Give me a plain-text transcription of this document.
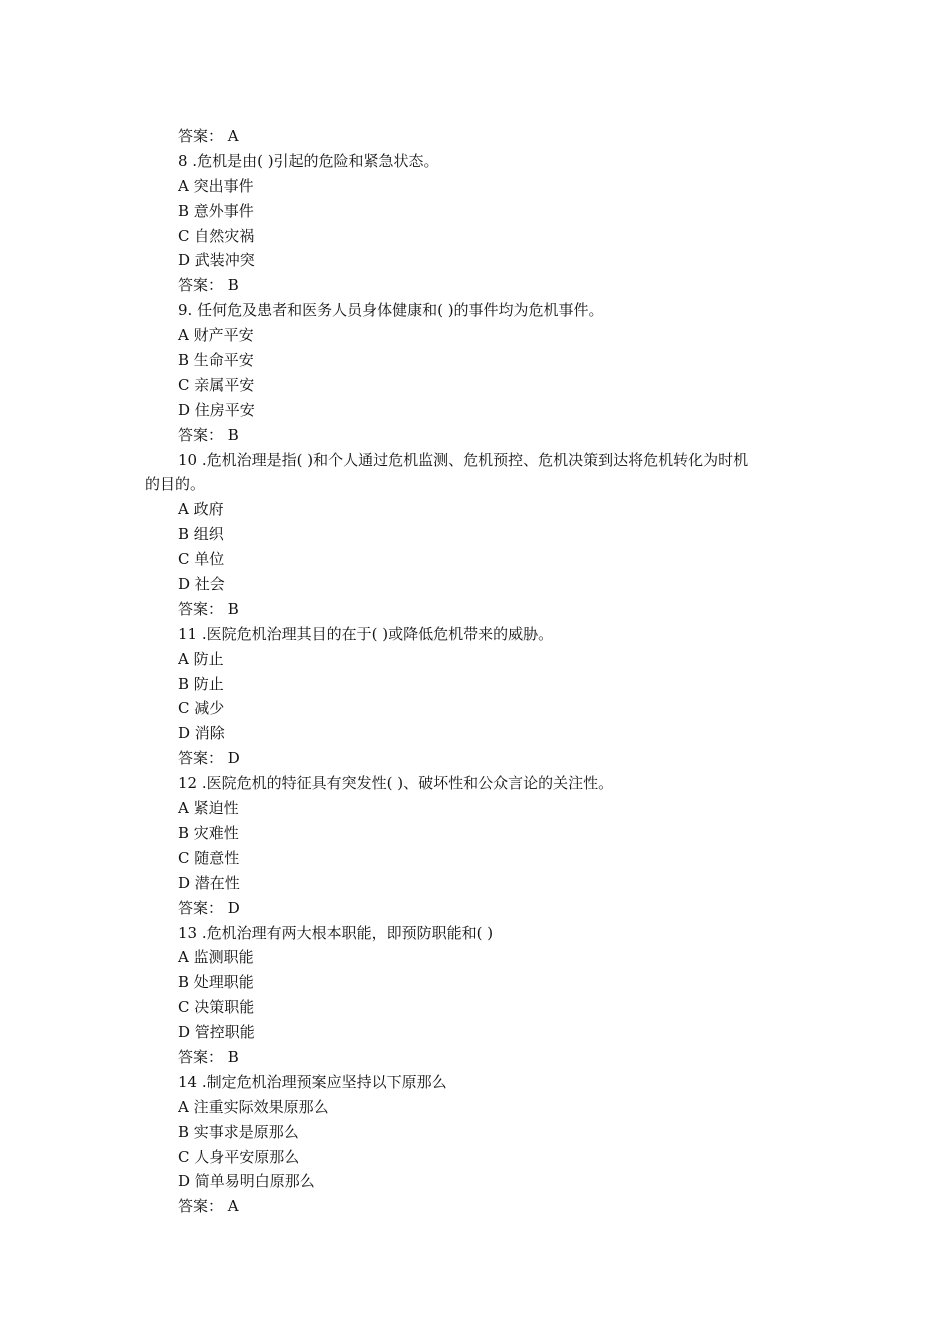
答案： A
8 .危机是由( )引起的危险和紧急状态。
A 突出事件
B 意外事件
C 自然灾祸
D 武装冲突
答案： B
9. 任何危及患者和医务人员身体健康和( )的事件均为危机事件。
A 财产平安
B 生命平安
C 亲属平安
D 住房平安
答案： B
10 .危机治理是指( )和个人通过危机监测、危机预控、危机决策到达将危机转化为时机
的目的。
A 政府
B 组织
C 单位
D 社会
答案： B
11 .医院危机治理其目的在于( )或降低危机带来的威胁。
A 防止
B 防止
C 减少
D 消除
答案： D
12 .医院危机的特征具有突发性( )、破坏性和公众言论的关注性。
A 紧迫性
B 灾难性
C 随意性
D 潜在性
答案： D
13 .危机治理有两大根本职能，即预防职能和( )
A 监测职能
B 处理职能
C 决策职能
D 管控职能
答案： B
14 .制定危机治理预案应坚持以下原那么
A 注重实际效果原那么
B 实事求是原那么
C 人身平安原那么
D 简单易明白原那么
答案： A
